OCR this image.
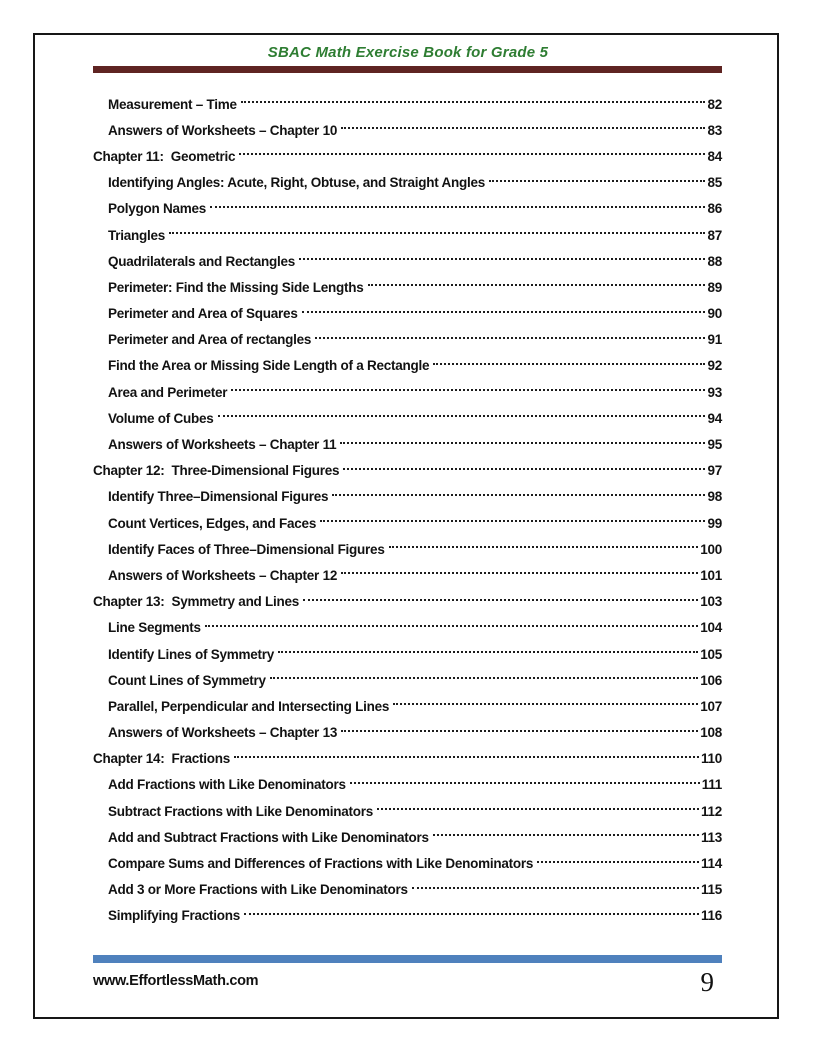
SBAC Math Exercise Book for Grade 5
Measurement – Time	82
Answers of Worksheets – Chapter 10	83
Chapter 11:  Geometric	84
Identifying Angles: Acute, Right, Obtuse, and Straight Angles	85
Polygon Names	86
Triangles	87
Quadrilaterals and Rectangles	88
Perimeter: Find the Missing Side Lengths	89
Perimeter and Area of Squares	90
Perimeter and Area of rectangles	91
Find the Area or Missing Side Length of a Rectangle	92
Area and Perimeter	93
Volume of Cubes	94
Answers of Worksheets – Chapter 11	95
Chapter 12:  Three-Dimensional Figures	97
Identify Three–Dimensional Figures	98
Count Vertices, Edges, and Faces	99
Identify Faces of Three–Dimensional Figures	100
Answers of Worksheets – Chapter 12	101
Chapter 13:  Symmetry and Lines	103
Line Segments	104
Identify Lines of Symmetry	105
Count Lines of Symmetry	106
Parallel, Perpendicular and Intersecting Lines	107
Answers of Worksheets – Chapter 13	108
Chapter 14:  Fractions	110
Add Fractions with Like Denominators	111
Subtract Fractions with Like Denominators	112
Add and Subtract Fractions with Like Denominators	113
Compare Sums and Differences of Fractions with Like Denominators	114
Add 3 or More Fractions with Like Denominators	115
Simplifying Fractions	116
www.EffortlessMath.com	9
